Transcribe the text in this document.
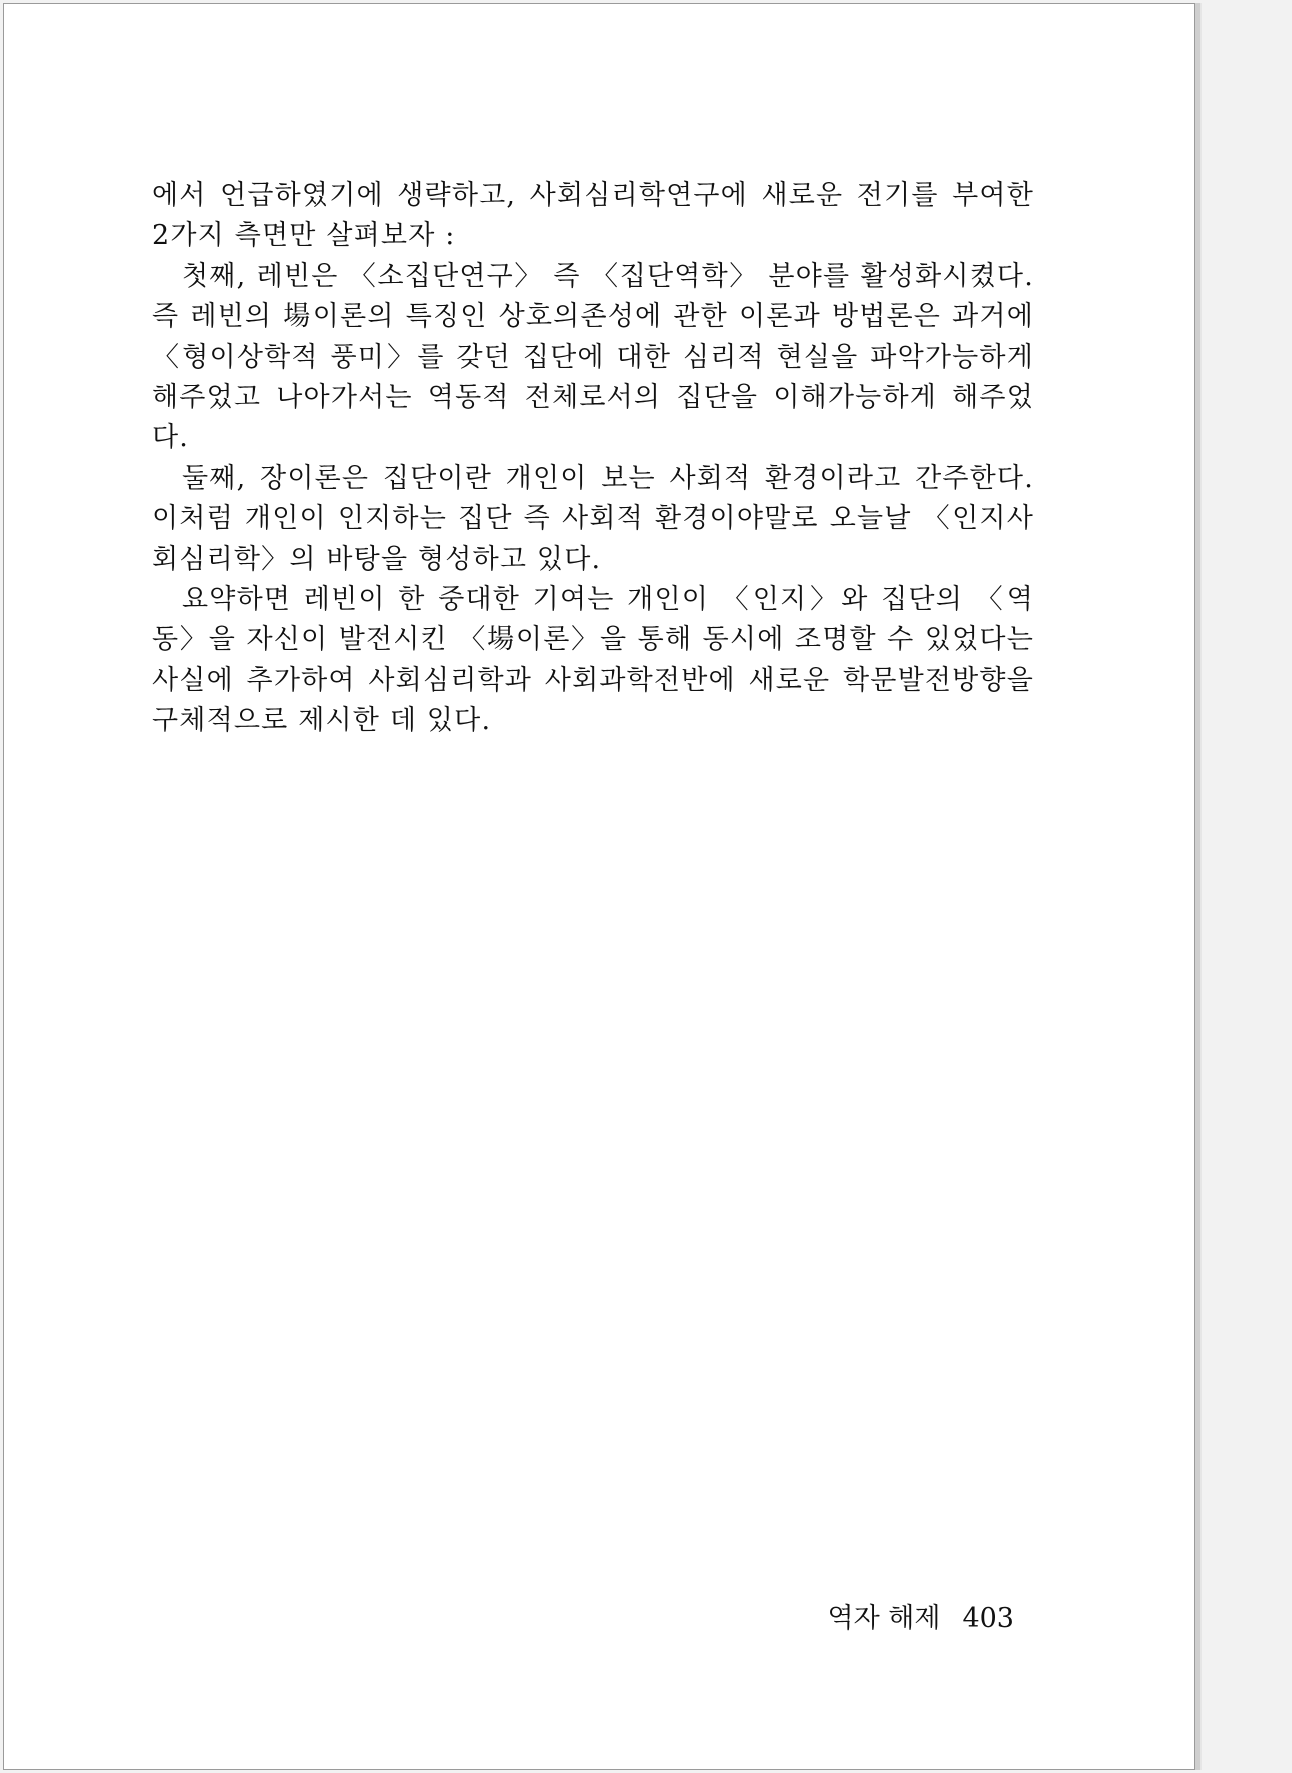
에서 언급하였기에 생략하고, 사회심리학연구에 새로운 전기를 부여한 2가지 측면만 살펴보자 :

첫째, 레빈은 〈소집단연구〉 즉 〈집단역학〉 분야를 활성화시켰다. 즉 레빈의 場이론의 특징인 상호의존성에 관한 이론과 방법론은 과거에 〈형이상학적 풍미〉를 갖던 집단에 대한 심리적 현실을 파악가능하게 해주었고 나아가서는 역동적 전체로서의 집단을 이해가능하게 해주었다.

둘째, 장이론은 집단이란 개인이 보는 사회적 환경이라고 간주한다. 이처럼 개인이 인지하는 집단 즉 사회적 환경이야말로 오늘날 〈인지사회심리학〉의 바탕을 형성하고 있다.

요약하면 레빈이 한 중대한 기여는 개인이 〈인지〉와 집단의 〈역동〉을 자신이 발전시킨 〈場이론〉을 통해 동시에 조명할 수 있었다는 사실에 추가하여 사회심리학과 사회과학전반에 새로운 학문발전방향을 구체적으로 제시한 데 있다.

역자 해제 403
